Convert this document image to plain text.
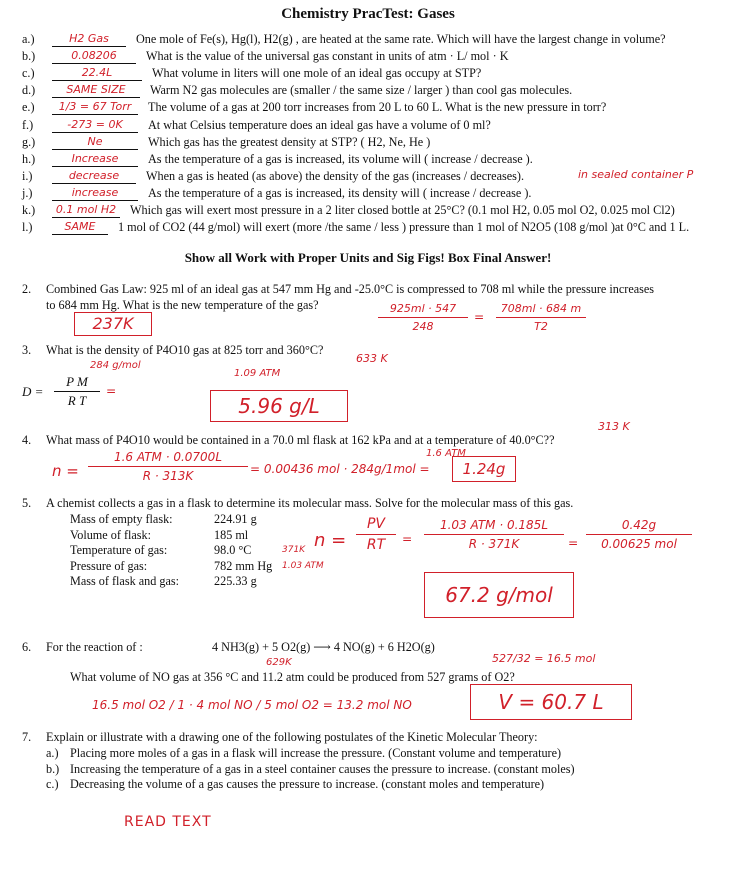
Chemistry PracTest: Gases
a.)	H2 Gas	One mole of Fe(s), Hg(l), H2(g) , are heated at the same rate. Which will have the largest change in volume?
b.)	0.08206	What is the value of the universal gas constant in units of atm · L/ mol · K
c.)	22.4L	What volume in liters will one mole of an ideal gas occupy at STP?
d.)	SAME SIZE	Warm N2 gas molecules are (smaller / the same size / larger ) than cool gas molecules.
e.)	1/3 = 67 Torr	The volume of a gas at 200 torr increases from 20 L to 60 L. What is the new pressure in torr?
f.)	-273 = 0K	At what Celsius temperature does an ideal gas have a volume of 0 ml?
g.)	Ne	Which gas has the greatest density at STP? ( H2, Ne, He )
h.)	Increase	As the temperature of a gas is increased, its volume will ( increase / decrease ).
i.)	decrease	When a gas is heated (as above) the density of the gas (increases / decreases).
j.)	increase	As the temperature of a gas is increased, its density will ( increase / decrease ).
k.)	0.1 mol H2	Which gas will exert most pressure in a 2 liter closed bottle at 25°C? (0.1 mol H2, 0.05 mol O2, 0.025 mol Cl2)
l.)	SAME	1 mol of CO2 (44 g/mol) will exert (more /the same / less ) pressure than 1 mol of N2O5 (108 g/mol )at 0°C and 1 L.
in sealed container P
Show all Work with Proper Units and Sig Figs! Box Final Answer!
2. Combined Gas Law: 925 ml of an ideal gas at 547 mm Hg and -25.0°C is compressed to 708 ml while the pressure increases
to 684 mm Hg. What is the new temperature of the gas?	925ml · 547
248
=
708ml · 684 m
T2
237K
3. What is the density of P4O10 gas at 825 torr and 360°C?
633 K
284 g/mol
1.09 ATM
D =
P M
R T
=
5.96 g/L
313 K
4. What mass of P4O10 would be contained in a 70.0 ml flask at 162 kPa and at a temperature of 40.0°C??
1.6 ATM
n =
1.6 ATM · 0.0700L
R · 313K	= 0.00436 mol · 284g/1mol =	1.24g
5. A chemist collects a gas in a flask to determine its molecular mass. Solve for the molecular mass of this gas.
Mass of empty flask:	224.91 g
Volume of flask:	185 ml
Temperature of gas:	98.0 °C	371K
Pressure of gas:	782 mm Hg 1.03 ATM
Mass of flask and gas:	225.33 g
n =
PV
RT	=
1.03 ATM · 0.185L
R · 371K	=
0.42g
0.00625 mol
67.2 g/mol
6. For the reaction of :	4 NH3(g) + 5 O2(g) ⟶ 4 NO(g) + 6 H2O(g)
527/32 = 16.5 mol
629K
What volume of NO gas at 356 °C and 11.2 atm could be produced from 527 grams of O2?
16.5 mol O2 / 1 · 4 mol NO / 5 mol O2 = 13.2 mol NO	V = 60.7 L
7. Explain or illustrate with a drawing one of the following postulates of the Kinetic Molecular Theory:
a.) Placing more moles of a gas in a flask will increase the pressure. (Constant volume and temperature)
b.) Increasing the temperature of a gas in a steel container causes the pressure to increase. (constant moles)
c.) Decreasing the volume of a gas causes the pressure to increase. (constant moles and temperature)
READ TEXT
